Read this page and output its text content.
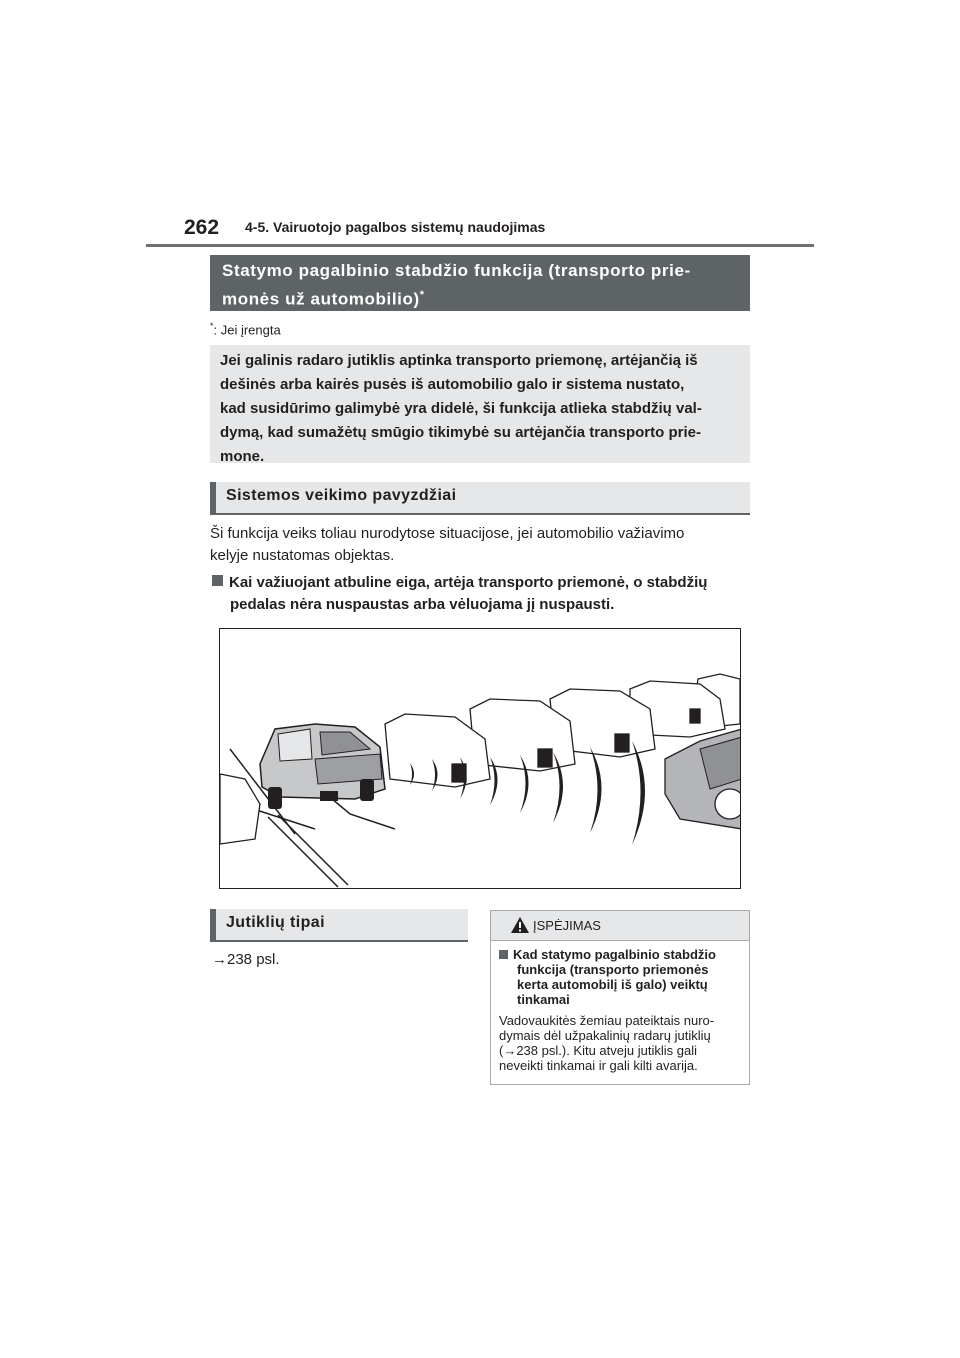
262 4-5. Vairuotojo pagalbos sistemų naudojimas
Statymo pagalbinio stabdžio funkcija (transporto prie-
monės už automobilio)*
*: Jei įrengta
Jei galinis radaro jutiklis aptinka transporto priemonę, artėjančią iš
dešinės arba kairės pusės iš automobilio galo ir sistema nustato,
kad susidūrimo galimybė yra didelė, ši funkcija atlieka stabdžių val-
dymą, kad sumažėtų smūgio tikimybė su artėjančia transporto prie-
mone.
Sistemos veikimo pavyzdžiai
Ši funkcija veiks toliau nurodytose situacijose, jei automobilio važiavimo
kelyje nustatomas objektas.
Kai važiuojant atbuline eiga, artėja transporto priemonė, o stabdžių
pedalas nėra nuspaustas arba vėluojama jį nuspausti.
Jutiklių tipai
→238 psl.
ĮSPĖJIMAS
Kad statymo pagalbinio stabdžio
funkcija (transporto priemonės
kerta automobilį iš galo) veiktų
tinkamai
Vadovaukitės žemiau pateiktais nuro-
dymais dėl užpakalinių radarų jutiklių
(→238 psl.). Kitu atveju jutiklis gali
neveikti tinkamai ir gali kilti avarija.
